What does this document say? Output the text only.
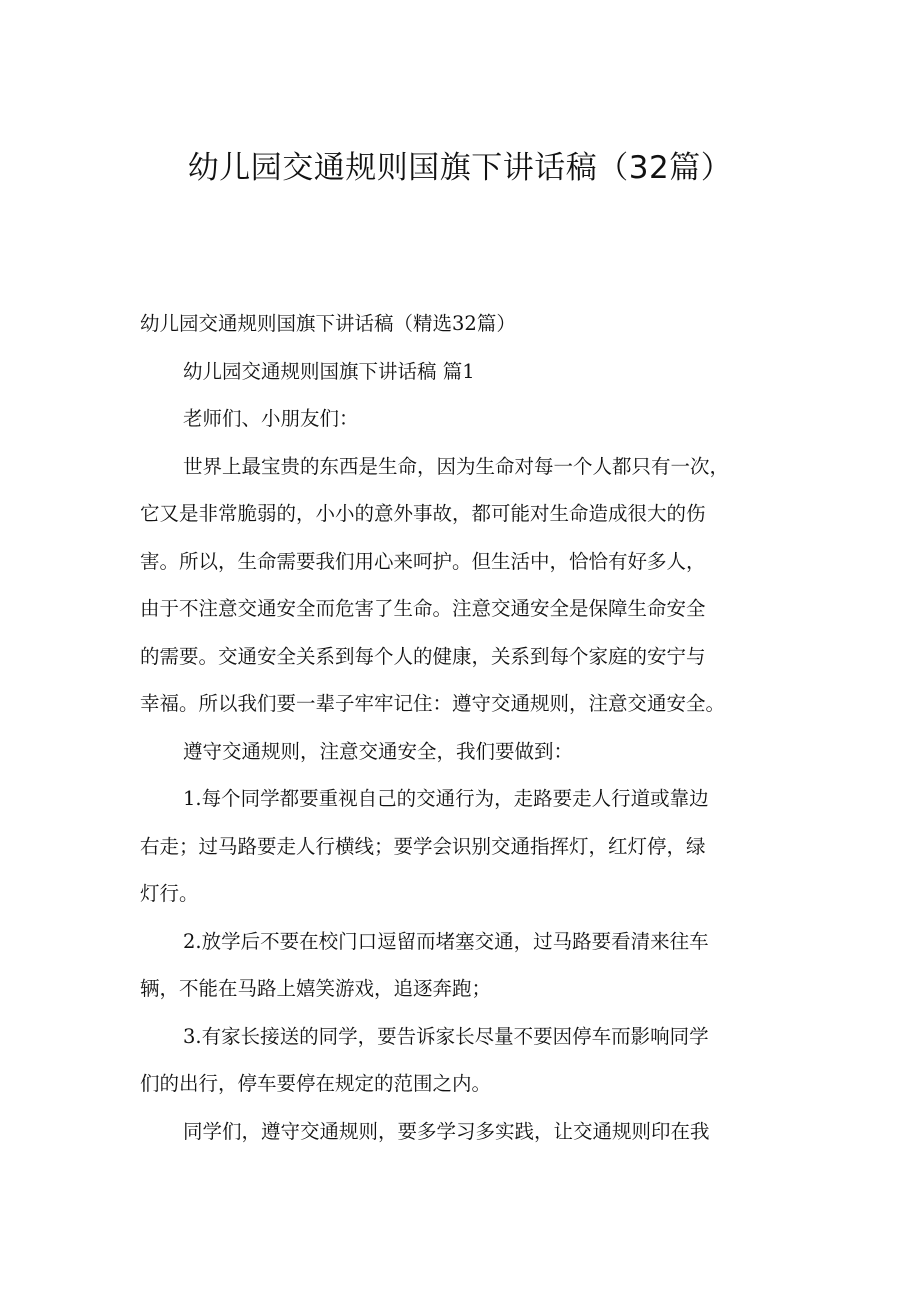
幼儿园交通规则国旗下讲话稿（32篇）
幼儿园交通规则国旗下讲话稿（精选32篇）
幼儿园交通规则国旗下讲话稿 篇1
老师们、小朋友们：
世界上最宝贵的东西是生命，因为生命对每一个人都只有一次，
它又是非常脆弱的，小小的意外事故，都可能对生命造成很大的伤
害。所以，生命需要我们用心来呵护。但生活中，恰恰有好多人，
由于不注意交通安全而危害了生命。注意交通安全是保障生命安全
的需要。交通安全关系到每个人的健康，关系到每个家庭的安宁与
幸福。所以我们要一辈子牢牢记住：遵守交通规则，注意交通安全。
遵守交通规则，注意交通安全，我们要做到：
1.每个同学都要重视自己的交通行为，走路要走人行道或靠边
右走；过马路要走人行横线；要学会识别交通指挥灯，红灯停，绿
灯行。
2.放学后不要在校门口逗留而堵塞交通，过马路要看清来往车
辆，不能在马路上嬉笑游戏，追逐奔跑；
3.有家长接送的同学，要告诉家长尽量不要因停车而影响同学
们的出行，停车要停在规定的范围之内。
同学们，遵守交通规则，要多学习多实践，让交通规则印在我
